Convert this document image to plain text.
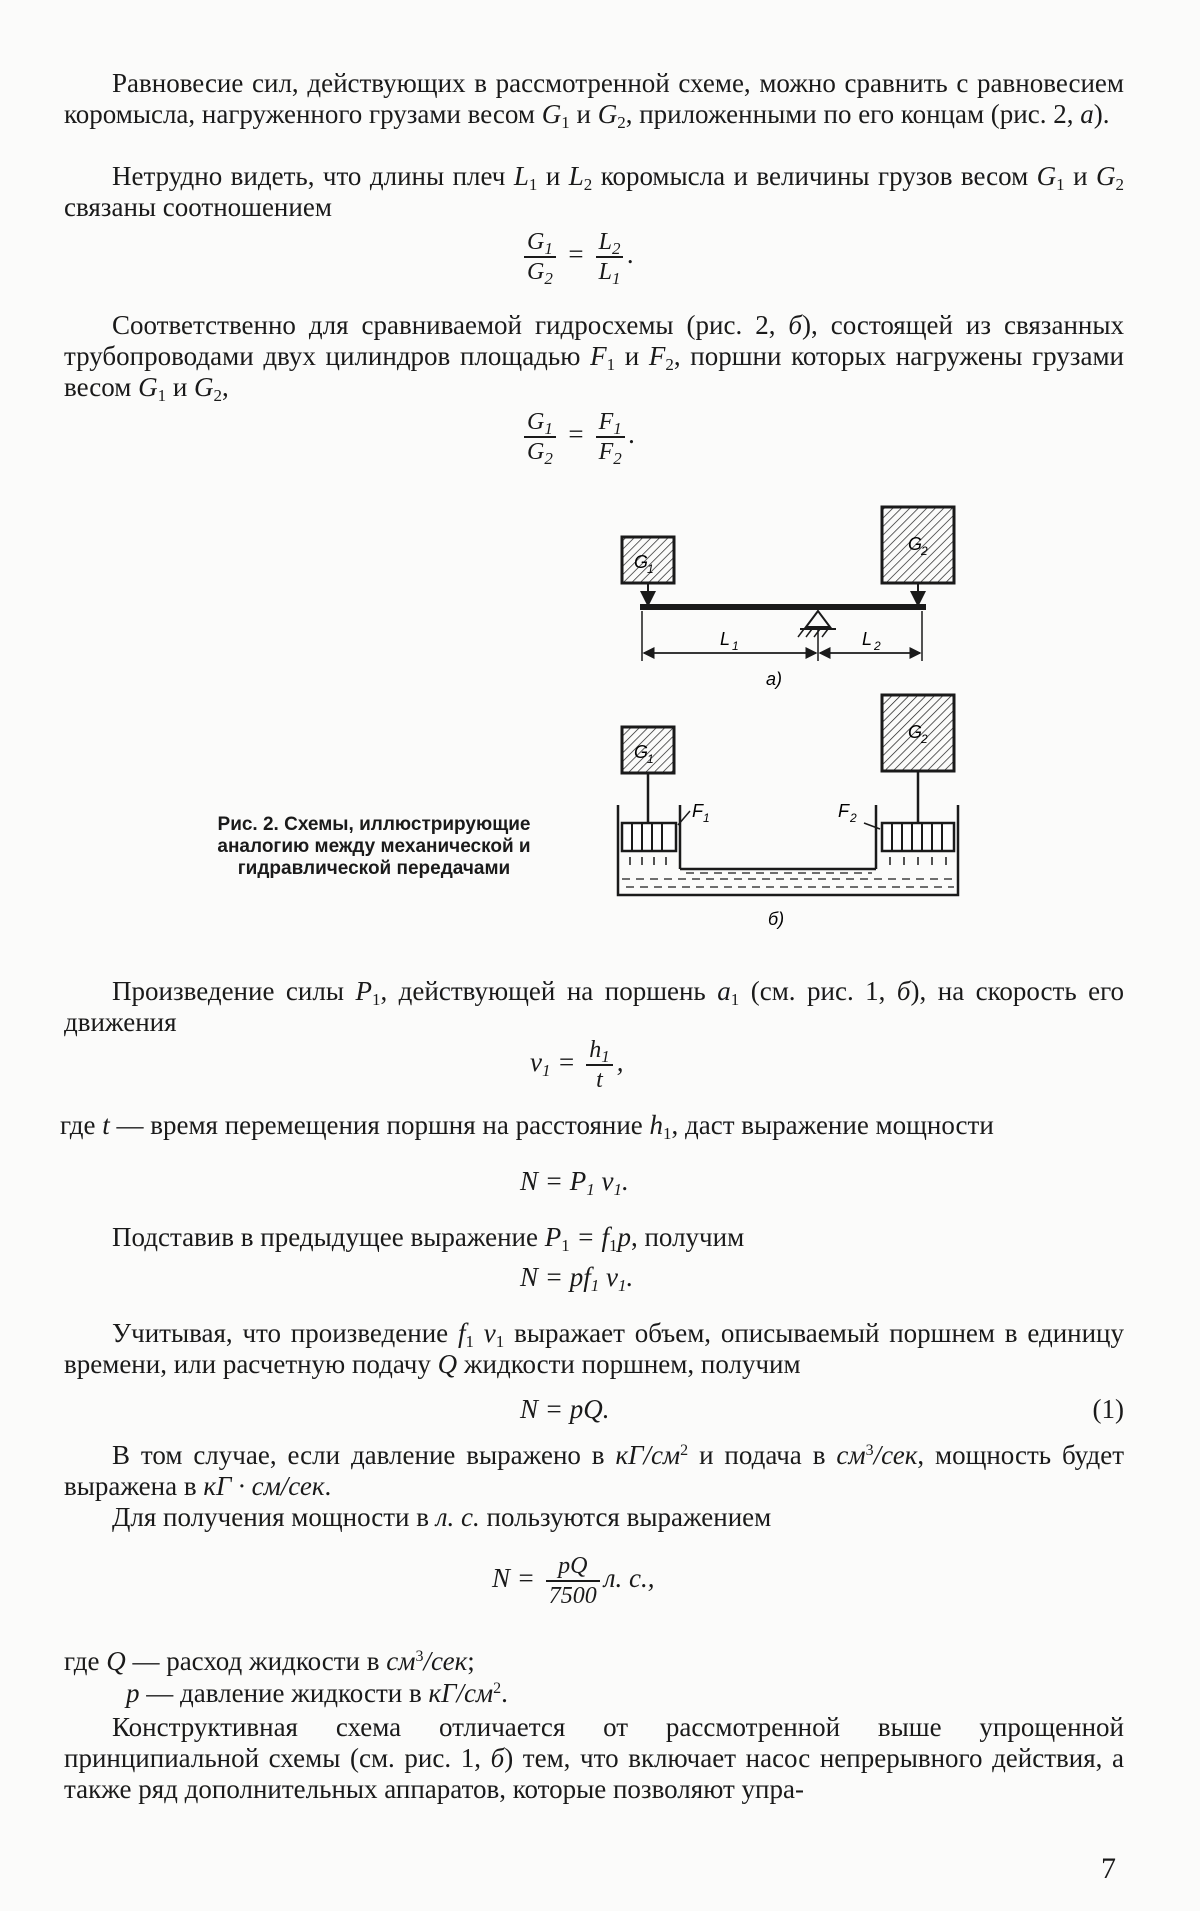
Равновесие сил, действующих в рассмотренной схеме, можно сравнить с равновесием коромысла, нагруженного грузами весом $G_1$ и $G_2$, приложенными по его концам (рис. 2, а).

Нетрудно видеть, что длины плеч $L_1$ и $L_2$ коромысла и величины грузов весом $G_1$ и $G_2$ связаны соотношением

$\frac{G_1}{G_2} = \frac{L_2}{L_1}$ .

Соответственно для сравниваемой гидросхемы (рис. 2, б), состоящей из связанных трубопроводами двух цилиндров площадью $F_1$ и $F_2$, поршни которых нагружены грузами весом $G_1$ и $G_2$,

$\frac{G_1}{G_2} = \frac{F_1}{F_2}$ .
G
1
G
2
L 1	L 2
а)
G
1
G
2
F 1	F 2
б)
Рис. 2. Схемы, иллюстрирующие аналогию между механической и гидравлической передачами

Произведение силы $P_1$, действующей на поршень $a_1$ (см. рис. 1, б), на скорость его движения

$v_1 = \frac{h_1}{t}$ ,

где t — время перемещения поршня на расстояние $h_1$, даст выражение мощности

$N = P_1$ $v_1$.

Подставив в предыдущее выражение $P_1 = f_1p$, получим

$N = pf_1$ $v_1$.

Учитывая, что произведение $f_1$ $v_1$ выражает объем, описываемый поршнем в единицу времени, или расчетную подачу Q жидкости поршнем, получим

N = pQ.	(1)

В том случае, если давление выражено в $кГ/см^2$ и подача в $см^3$/сек, мощность будет выражена в кГ · см/сек.

Для получения мощности в л. с. пользуются выражением

$N = \frac{pQ}{7500} л$. с.,

где Q — расход жидкости в $см^3$/сек;

p — давление жидкости в $кГ/см^2$.

Конструктивная схема отличается от рассмотренной выше упрощенной принципиальной схемы (см. рис. 1, б) тем, что включает насос непрерывного действия, а также ряд дополнительных аппаратов, которые позволяют упра-

7
